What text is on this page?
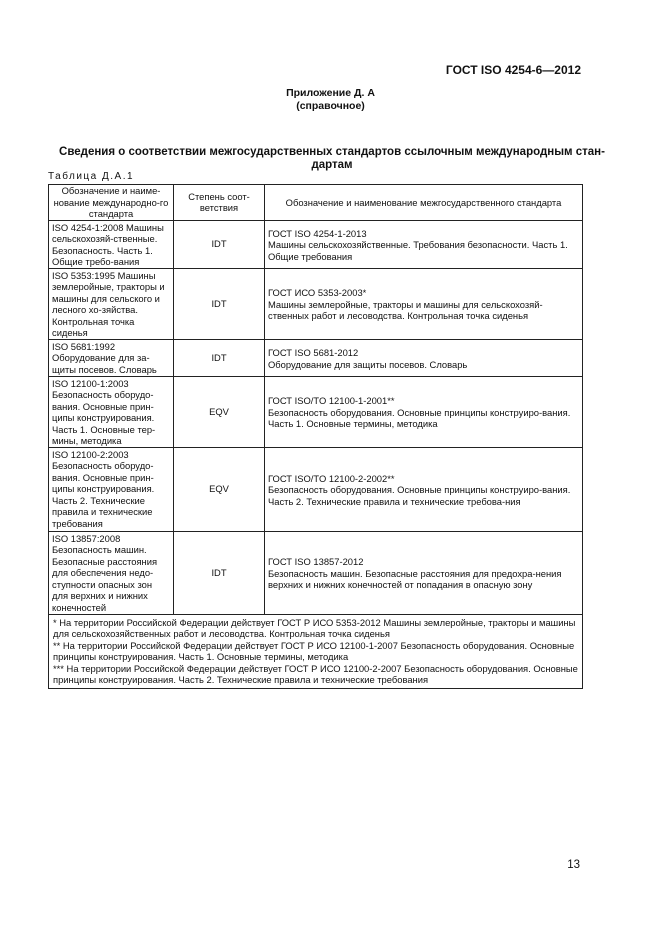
ГОСТ ISO 4254-6—2012
Приложение Д. А
(справочное)
Сведения о соответствии межгосударственных стандартов ссылочным международным стан-дартам
Таблица Д.А.1
Обозначение и наиме-нование международно-го стандарта	Степень соот-ветствия	Обозначение и наименование межгосударственного стандарта
ISO 4254-1:2008 Машины сельскохозяй-ственные. Безопасность. Часть 1. Общие требо-вания	IDT	ГОСТ ISO 4254-1-2013
Машины сельскохозяйственные. Требования безопасности. Часть 1. Общие требования

ISO 5353:1995 Машины землеройные, тракторы и машины для сельского и лесного хо-зяйства. Контрольная точка сиденья	IDT	ГОСТ ИСО 5353-2003*
Машины землеройные, тракторы и машины для сельскохозяй-ственных работ и лесоводства. Контрольная точка сиденья

ISO 5681:1992 Оборудование для за-щиты посевов. Словарь	IDT	ГОСТ ISO 5681-2012
Оборудование для защиты посевов. Словарь

ISO 12100-1:2003 Безопасность оборудо-вания. Основные прин-ципы конструирования. Часть 1. Основные тер-мины, методика	EQV	ГОСТ ISO/TO 12100-1-2001**
Безопасность оборудования. Основные принципы конструиро-вания. Часть 1. Основные термины, методика

ISO 12100-2:2003 Безопасность оборудо-вания. Основные прин-ципы конструирования. Часть 2. Технические правила и технические требования	EQV	ГОСТ ISO/TO 12100-2-2002**
Безопасность оборудования. Основные принципы конструиро-вания. Часть 2. Технические правила и технические требова-ния

ISO 13857:2008 Безопасность машин. Безопасные расстояния для обеспечения недо-ступности опасных зон для верхних и нижних конечностей	IDT	ГОСТ ISO 13857-2012
Безопасность машин. Безопасные расстояния для предохра-нения верхних и нижних конечностей от попадания в опасную зону

* На территории Российской Федерации действует ГОСТ Р ИСО 5353-2012 Машины землеройные, тракторы и машины для сельскохозяйственных работ и лесоводства. Контрольная точка сиденья
** На территории Российской Федерации действует ГОСТ Р ИСО 12100-1-2007 Безопасность оборудования. Основные принципы конструирования. Часть 1. Основные термины, методика
*** На территории Российской Федерации действует ГОСТ Р ИСО 12100-2-2007 Безопасность оборудования. Основные принципы конструирования. Часть 2. Технические правила и технические требования		
13
